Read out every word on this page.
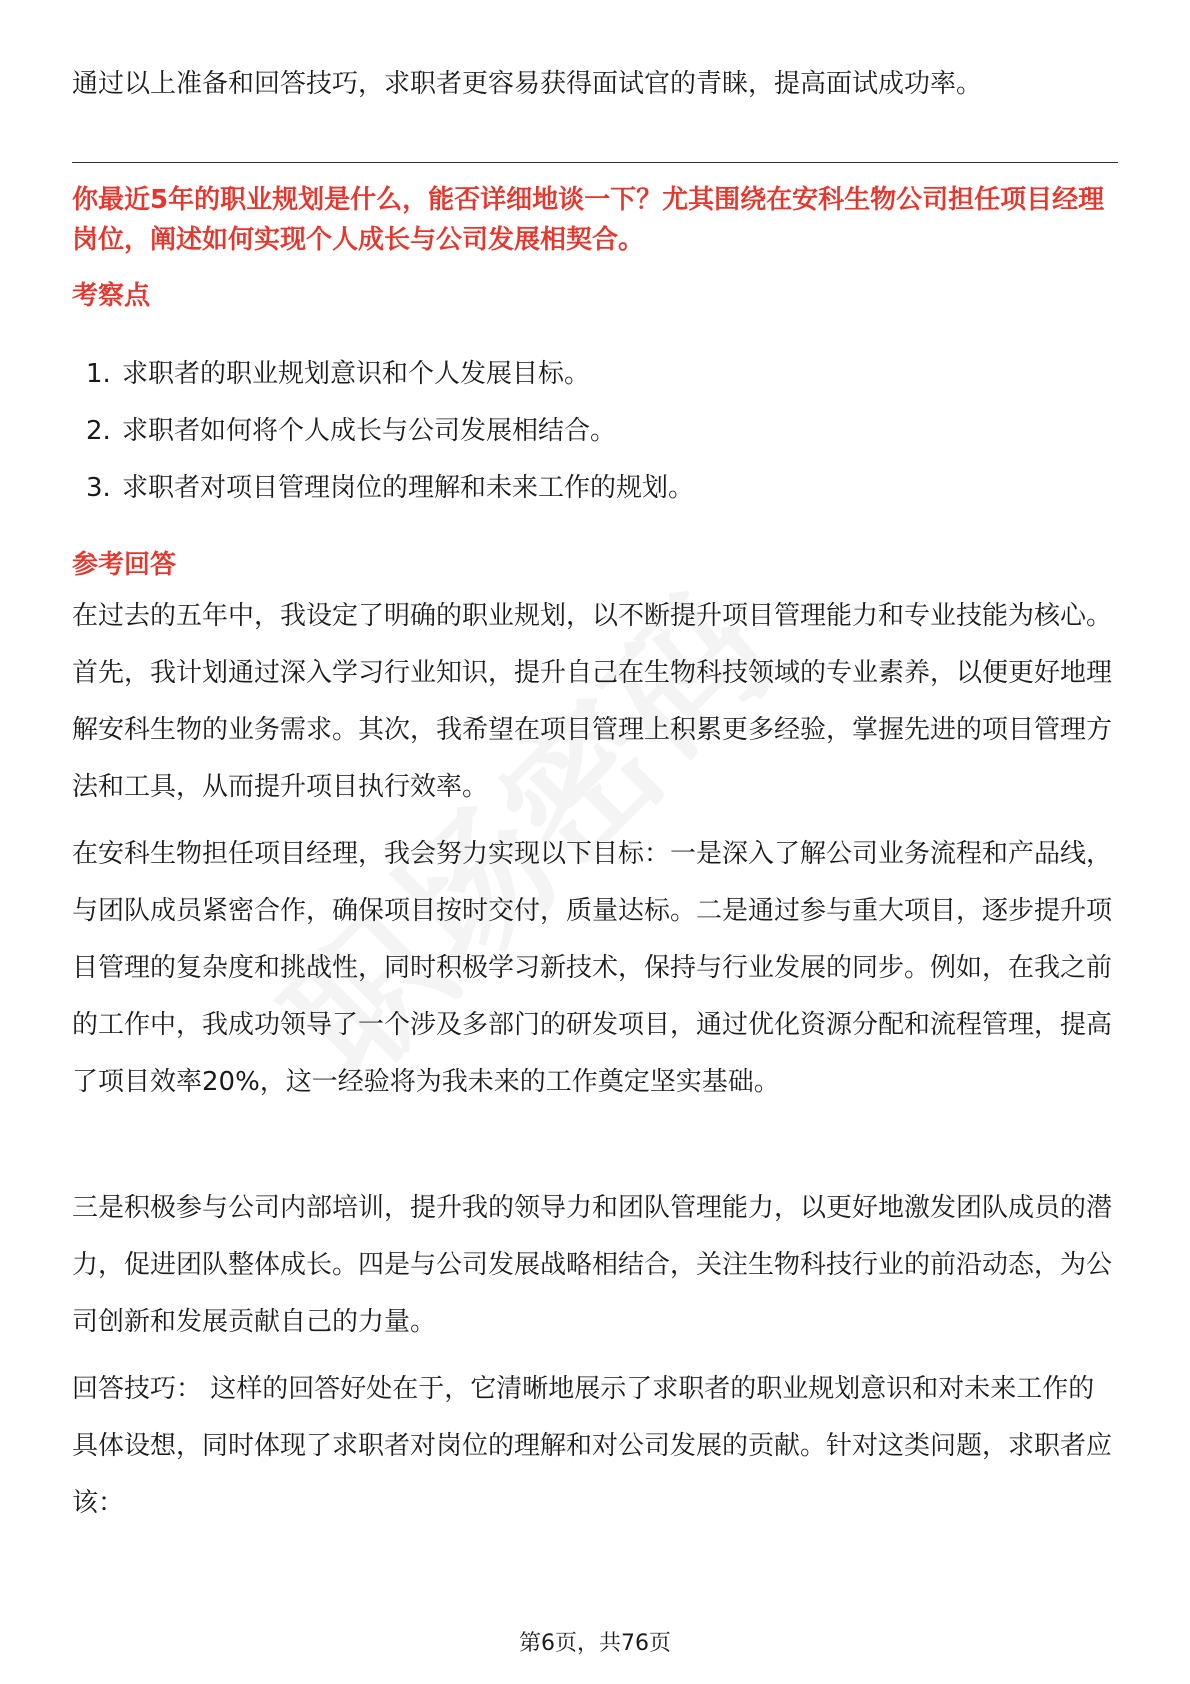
通过以上准备和回答技巧，求职者更容易获得面试官的青睐，提高面试成功率。

你最近5年的职业规划是什么，能否详细地谈一下？尤其围绕在安科生物公司担任项目经理岗位，阐述如何实现个人成长与公司发展相契合。

考察点
1. 求职者的职业规划意识和个人发展目标。
2. 求职者如何将个人成长与公司发展相结合。
3. 求职者对项目管理岗位的理解和未来工作的规划。
参考回答

在过去的五年中，我设定了明确的职业规划，以不断提升项目管理能力和专业技能为核心。首先，我计划通过深入学习行业知识，提升自己在生物科技领域的专业素养，以便更好地理解安科生物的业务需求。其次，我希望在项目管理上积累更多经验，掌握先进的项目管理方法和工具，从而提升项目执行效率。

在安科生物担任项目经理，我会努力实现以下目标：一是深入了解公司业务流程和产品线，与团队成员紧密合作，确保项目按时交付，质量达标。二是通过参与重大项目，逐步提升项目管理的复杂度和挑战性，同时积极学习新技术，保持与行业发展的同步。例如，在我之前的工作中，我成功领导了一个涉及多部门的研发项目，通过优化资源分配和流程管理，提高了项目效率20%，这一经验将为我未来的工作奠定坚实基础。

三是积极参与公司内部培训，提升我的领导力和团队管理能力，以更好地激发团队成员的潜力，促进团队整体成长。四是与公司发展战略相结合，关注生物科技行业的前沿动态，为公司创新和发展贡献自己的力量。

回答技巧： 这样的回答好处在于，它清晰地展示了求职者的职业规划意识和对未来工作的具体设想，同时体现了求职者对岗位的理解和对公司发展的贡献。针对这类问题，求职者应该：

第6页，共76页
